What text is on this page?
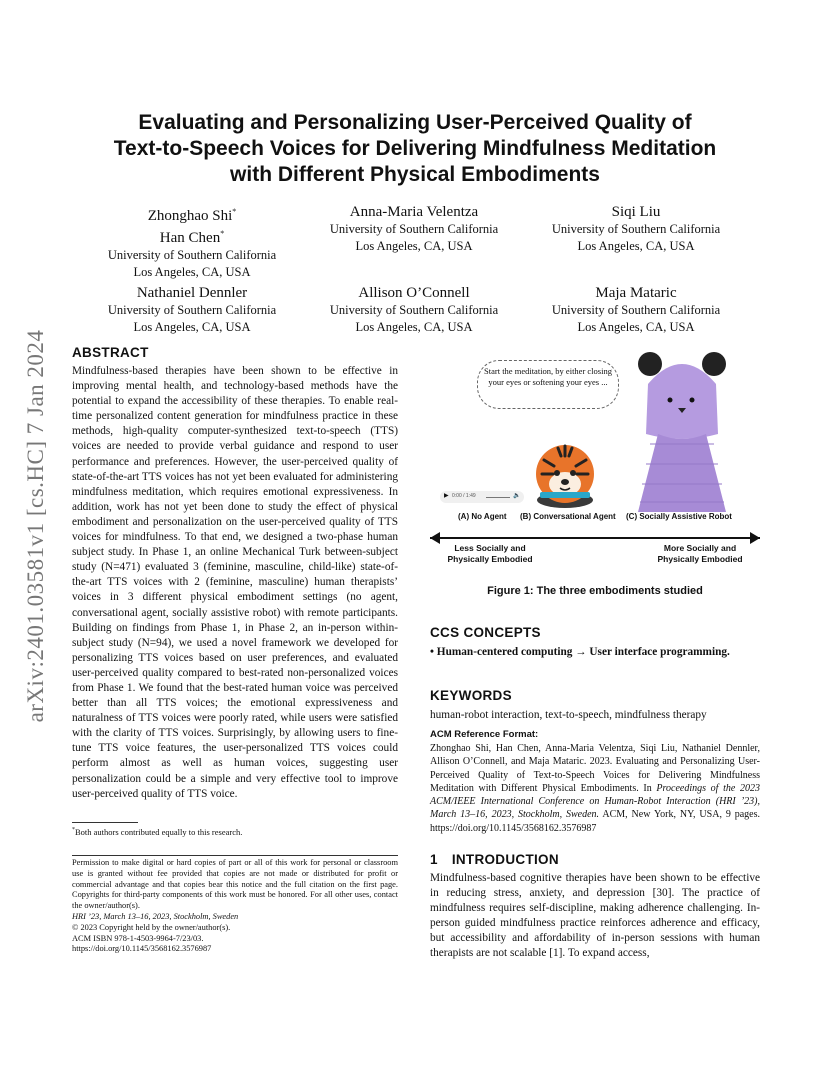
arXiv:2401.03581v1 [cs.HC] 7 Jan 2024
Evaluating and Personalizing User-Perceived Quality of
Text-to-Speech Voices for Delivering Mindfulness Meditation
with Different Physical Embodiments
Zhonghao Shi*
Han Chen*
University of Southern California
Los Angeles, CA, USA
Anna-Maria Velentza
University of Southern California
Los Angeles, CA, USA
Siqi Liu
University of Southern California
Los Angeles, CA, USA
Nathaniel Dennler
University of Southern California
Los Angeles, CA, USA
Allison O’Connell
University of Southern California
Los Angeles, CA, USA
Maja Mataric
University of Southern California
Los Angeles, CA, USA
ABSTRACT
Mindfulness-based therapies have been shown to be effective in improving mental health, and technology-based methods have the potential to expand the accessibility of these therapies. To enable real-time personalized content generation for mindfulness practice in these methods, high-quality computer-synthesized text-to-speech (TTS) voices are needed to provide verbal guidance and respond to user performance and preferences. However, the user-perceived quality of state-of-the-art TTS voices has not yet been evaluated for administering mindfulness meditation, which requires emotional expressiveness. In addition, work has not yet been done to study the effect of physical embodiment and personalization on the user-perceived quality of TTS voices for mindfulness. To that end, we designed a two-phase human subject study. In Phase 1, an online Mechanical Turk between-subject study (N=471) evaluated 3 (feminine, masculine, child-like) state-of-the-art TTS voices with 2 (feminine, masculine) human therapists’ voices in 3 different physical embodiment settings (no agent, conversational agent, socially assistive robot) with remote participants. Building on findings from Phase 1, in Phase 2, an in-person within-subject study (N=94), we used a novel framework we developed for personalizing TTS voices based on user preferences, and evaluated user-perceived quality compared to best-rated non-personalized voices from Phase 1. We found that the best-rated human voice was perceived better than all TTS voices; the emotional expressiveness and naturalness of TTS voices were poorly rated, while users were satisfied with the clarity of TTS voices. Surprisingly, by allowing users to fine-tune TTS voice features, the user-personalized TTS voices could perform almost as well as human voices, suggesting user personalization could be a simple and very effective tool to improve user-perceived quality of TTS voice.
*Both authors contributed equally to this research.
Permission to make digital or hard copies of part or all of this work for personal or classroom use is granted without fee provided that copies are not made or distributed for profit or commercial advantage and that copies bear this notice and the full citation on the first page. Copyrights for third-party components of this work must be honored. For all other uses, contact the owner/author(s).
HRI ’23, March 13–16, 2023, Stockholm, Sweden
© 2023 Copyright held by the owner/author(s).
ACM ISBN 978-1-4503-9964-7/23/03.
https://doi.org/10.1145/3568162.3576987
Start the meditation, by either closing your eyes or softening your eyes ...
▶ 0:00 / 1:49	🔈
(A) No Agent (B) Conversational Agent (C) Socially Assistive Robot
Less Socially and
Physically Embodied
More Socially and
Physically Embodied
Figure 1: The three embodiments studied
CCS CONCEPTS
• Human-centered computing → User interface programming.
KEYWORDS
human-robot interaction, text-to-speech, mindfulness therapy
ACM Reference Format:
Zhonghao Shi, Han Chen, Anna-Maria Velentza, Siqi Liu, Nathaniel Dennler, Allison O’Connell, and Maja Mataric. 2023. Evaluating and Personalizing User-Perceived Quality of Text-to-Speech Voices for Delivering Mindfulness Meditation with Different Physical Embodiments. In Proceedings of the 2023 ACM/IEEE International Conference on Human-Robot Interaction (HRI ’23), March 13–16, 2023, Stockholm, Sweden. ACM, New York, NY, USA, 9 pages. https://doi.org/10.1145/3568162.3576987
1 INTRODUCTION
Mindfulness-based cognitive therapies have been shown to be effective in reducing stress, anxiety, and depression [30]. The practice of mindfulness requires self-discipline, making adherence challenging. In-person guided mindfulness practice reinforces adherence and efficacy, but accessibility and affordability of in-person sessions with human therapists are not scalable [1]. To expand access,
